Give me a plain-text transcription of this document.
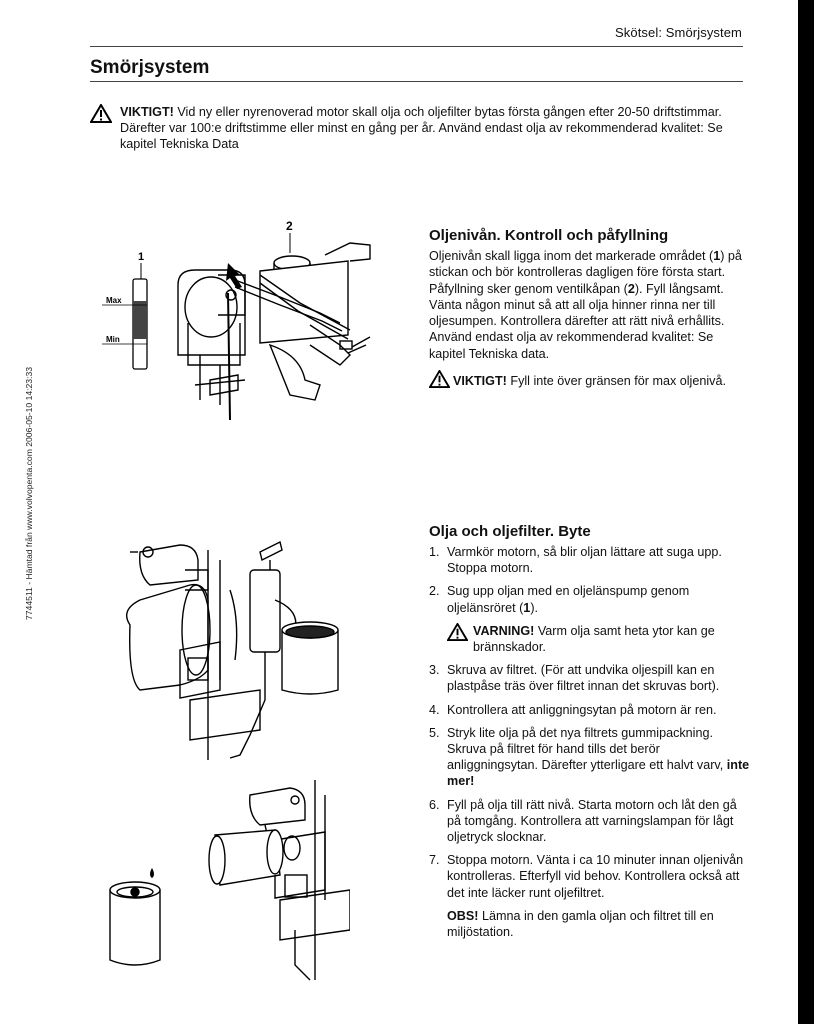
Skötsel: Smörjsystem
Smörjsystem
VIKTIGT! Vid ny eller nyrenoverad motor skall olja och oljefilter bytas första gången efter 20-50 driftstimmar. Därefter var 100:e driftstimme eller minst en gång per år. Använd endast olja av rekommenderad kvalitet: Se kapitel Tekniska Data
7744511 - Hämtad från www.volvopenta.com 2006-05-10 14:23:33
1
Max
Min
2
Oljenivån. Kontroll och påfyllning
Oljenivån skall ligga inom det markerade området (1) på stickan och bör kontrolleras dagligen före första start. Påfyllning sker genom ventilkåpan (2). Fyll långsamt. Vänta någon minut så att all olja hinner rinna ner till oljesumpen. Kontrollera därefter att rätt nivå erhållits. Använd endast olja av rekommenderad kvalitet: Se kapitel Tekniska data.
VIKTIGT! Fyll inte över gränsen för max oljenivå.
Olja och oljefilter. Byte
1. Varmkör motorn, så blir oljan lättare att suga upp. Stoppa motorn.
2. Sug upp oljan med en oljelänspump genom oljelänsröret (1).
VARNING! Varm olja samt heta ytor kan ge brännskador.
3. Skruva av filtret. (För att undvika oljespill kan en plastpåse träs över filtret innan det skruvas bort).
4. Kontrollera att anliggningsytan på motorn är ren.
5. Stryk lite olja på det nya filtrets gummipackning. Skruva på filtret för hand tills det berör anliggningsytan. Därefter ytterligare ett halvt varv, inte mer!
6. Fyll på olja till rätt nivå. Starta motorn och låt den gå på tomgång. Kontrollera att varningslampan för lågt oljetryck slocknar.
7. Stoppa motorn. Vänta i ca 10 minuter innan oljenivån kontrolleras. Efterfyll vid behov. Kontrollera också att det inte läcker runt oljefiltret.
OBS! Lämna in den gamla oljan och filtret till en miljöstation.
